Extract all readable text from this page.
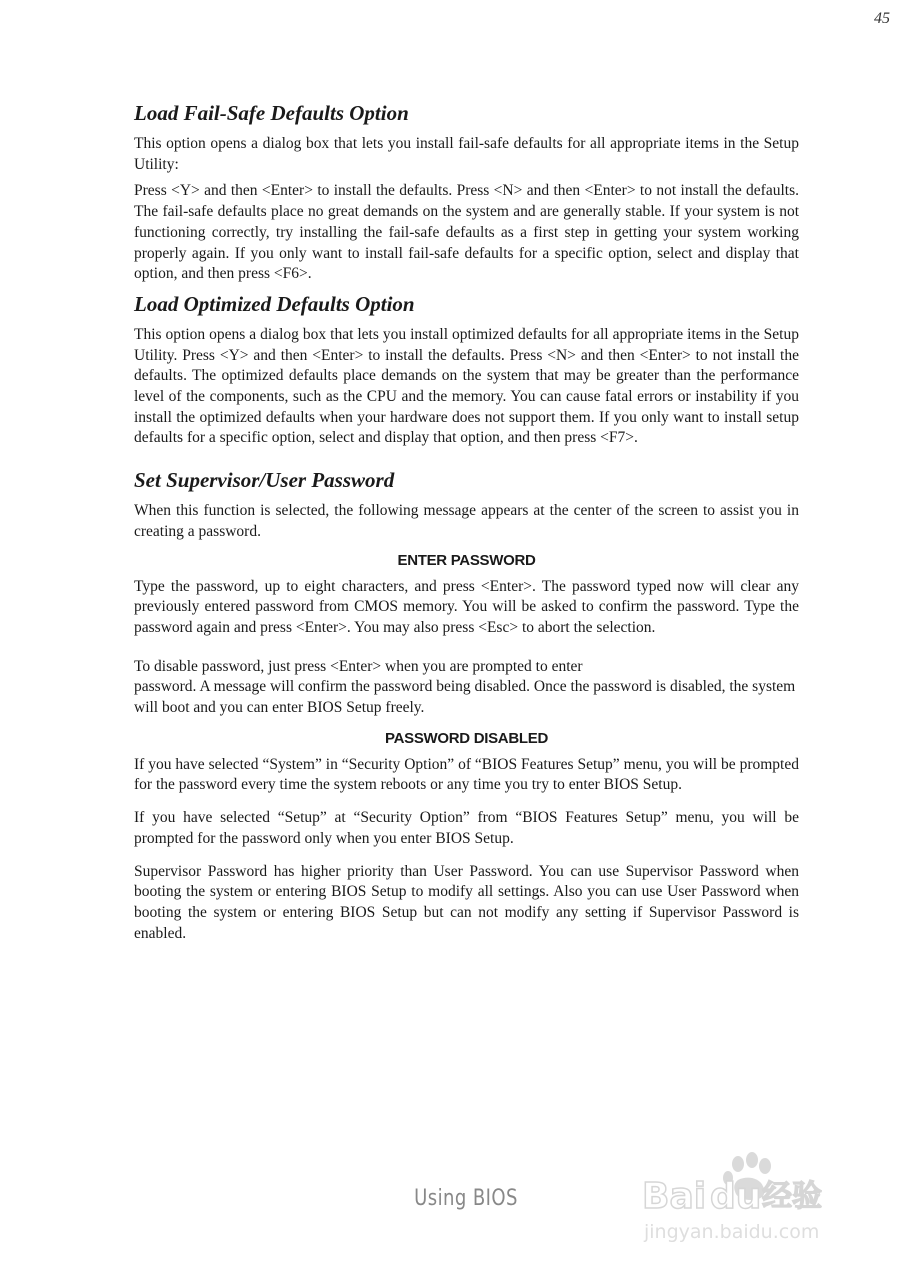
45
Load Fail-Safe Defaults Option

This option opens a dialog box that lets you install fail-safe defaults for all appropriate items in the Setup Utility:

Press <Y> and then <Enter> to install the defaults. Press <N> and then <Enter> to not install the defaults. The fail-safe defaults place no great demands on the system and are generally stable. If your system is not functioning correctly, try installing the fail-safe defaults as a first step in getting your system working properly again. If you only want to install fail-safe defaults for a specific option, select and display that option, and then press <F6>.

Load Optimized Defaults Option

This option opens a dialog box that lets you install optimized defaults for all appropriate items in the Setup Utility. Press <Y> and then <Enter> to install the defaults. Press <N> and then <Enter> to not install the defaults. The optimized defaults place demands on the system that may be greater than the performance level of the components, such as the CPU and the memory. You can cause fatal errors or instability if you install the optimized defaults when your hardware does not support them. If you only want to install setup defaults for a specific option, select and display that option, and then press <F7>.

Set Supervisor/User Password

When this function is selected, the following message appears at the center of the screen to assist you in creating a password.

ENTER PASSWORD

Type the password, up to eight characters, and press <Enter>. The password typed now will clear any previously entered password from CMOS memory. You will be asked to confirm the password. Type the password again and press <Enter>. You may also press <Esc> to abort the selection.

To disable password, just press <Enter> when you are prompted to enter
password. A message will confirm the password being disabled. Once the password is disabled, the system will boot and you can enter BIOS Setup freely.

PASSWORD DISABLED

If you have selected “System” in “Security Option” of “BIOS Features Setup” menu, you will be prompted for the password every time the system reboots or any time you try to enter BIOS Setup.

If you have selected “Setup” at “Security Option” from “BIOS Features Setup” menu, you will be prompted for the password only when you enter BIOS Setup.

Supervisor Password has higher priority than User Password. You can use Supervisor Password when booting the system or entering BIOS Setup to modify all settings. Also you can use User Password when booting the system or entering BIOS Setup but can not modify any setting if Supervisor Password is enabled.

Using BIOS	Bai du 经验
jingyan.baidu.com
